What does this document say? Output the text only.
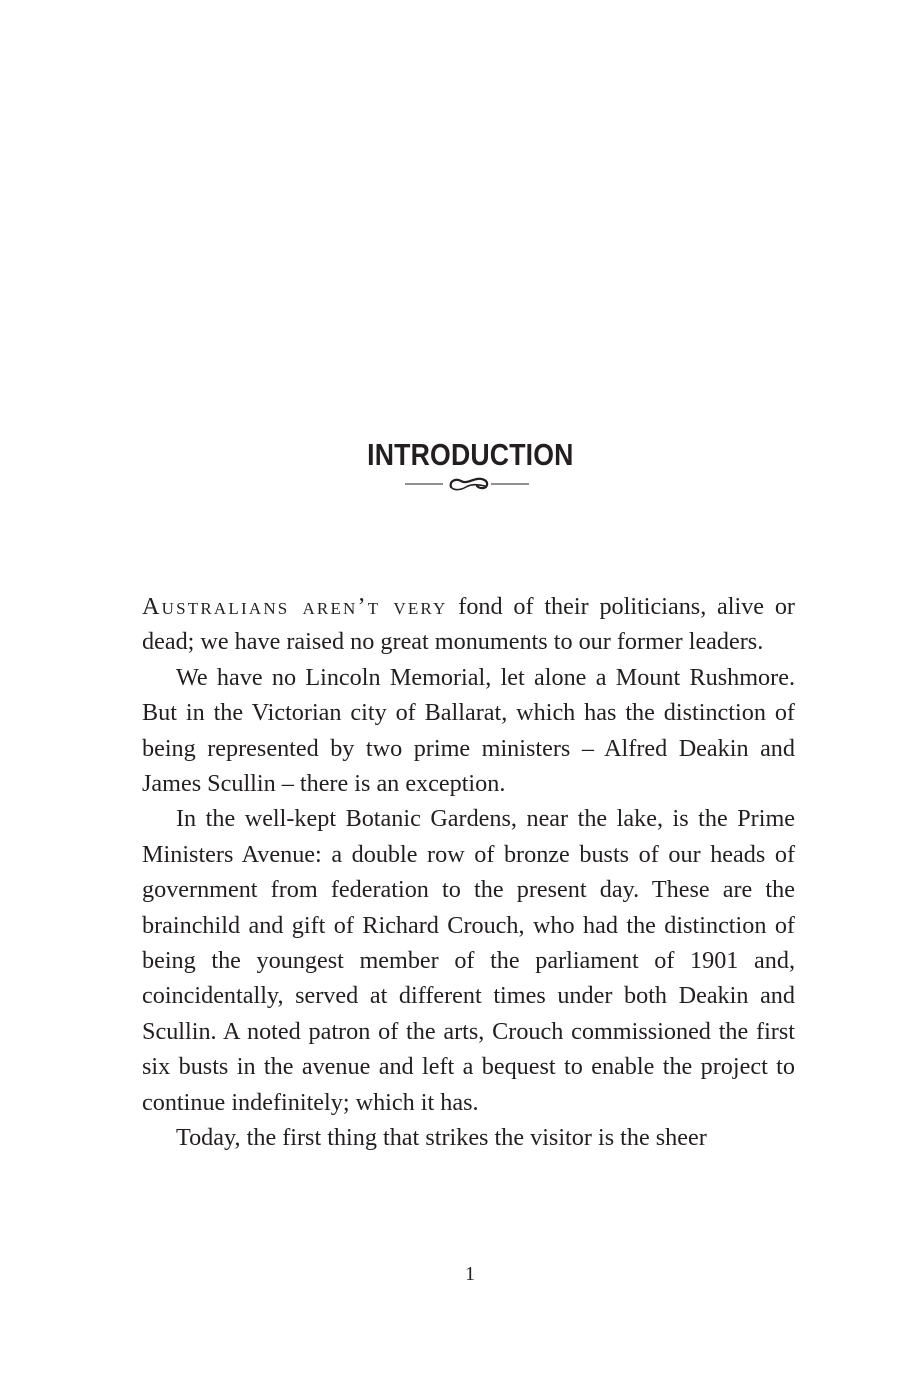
INTRODUCTION

Australians aren’t very fond of their politicians, alive or dead; we have raised no great monuments to our former leaders.

We have no Lincoln Memorial, let alone a Mount Rushmore. But in the Victorian city of Ballarat, which has the distinction of being represented by two prime ministers – Alfred Deakin and James Scullin – there is an exception.

In the well-kept Botanic Gardens, near the lake, is the Prime Ministers Avenue: a double row of bronze busts of our heads of government from federation to the present day. These are the brainchild and gift of Richard Crouch, who had the distinction of being the youngest member of the parliament of 1901 and, coincidentally, served at different times under both Deakin and Scullin. A noted patron of the arts, Crouch commissioned the first six busts in the avenue and left a bequest to enable the project to continue indefinitely; which it has.

Today, the first thing that strikes the visitor is the sheer

1
